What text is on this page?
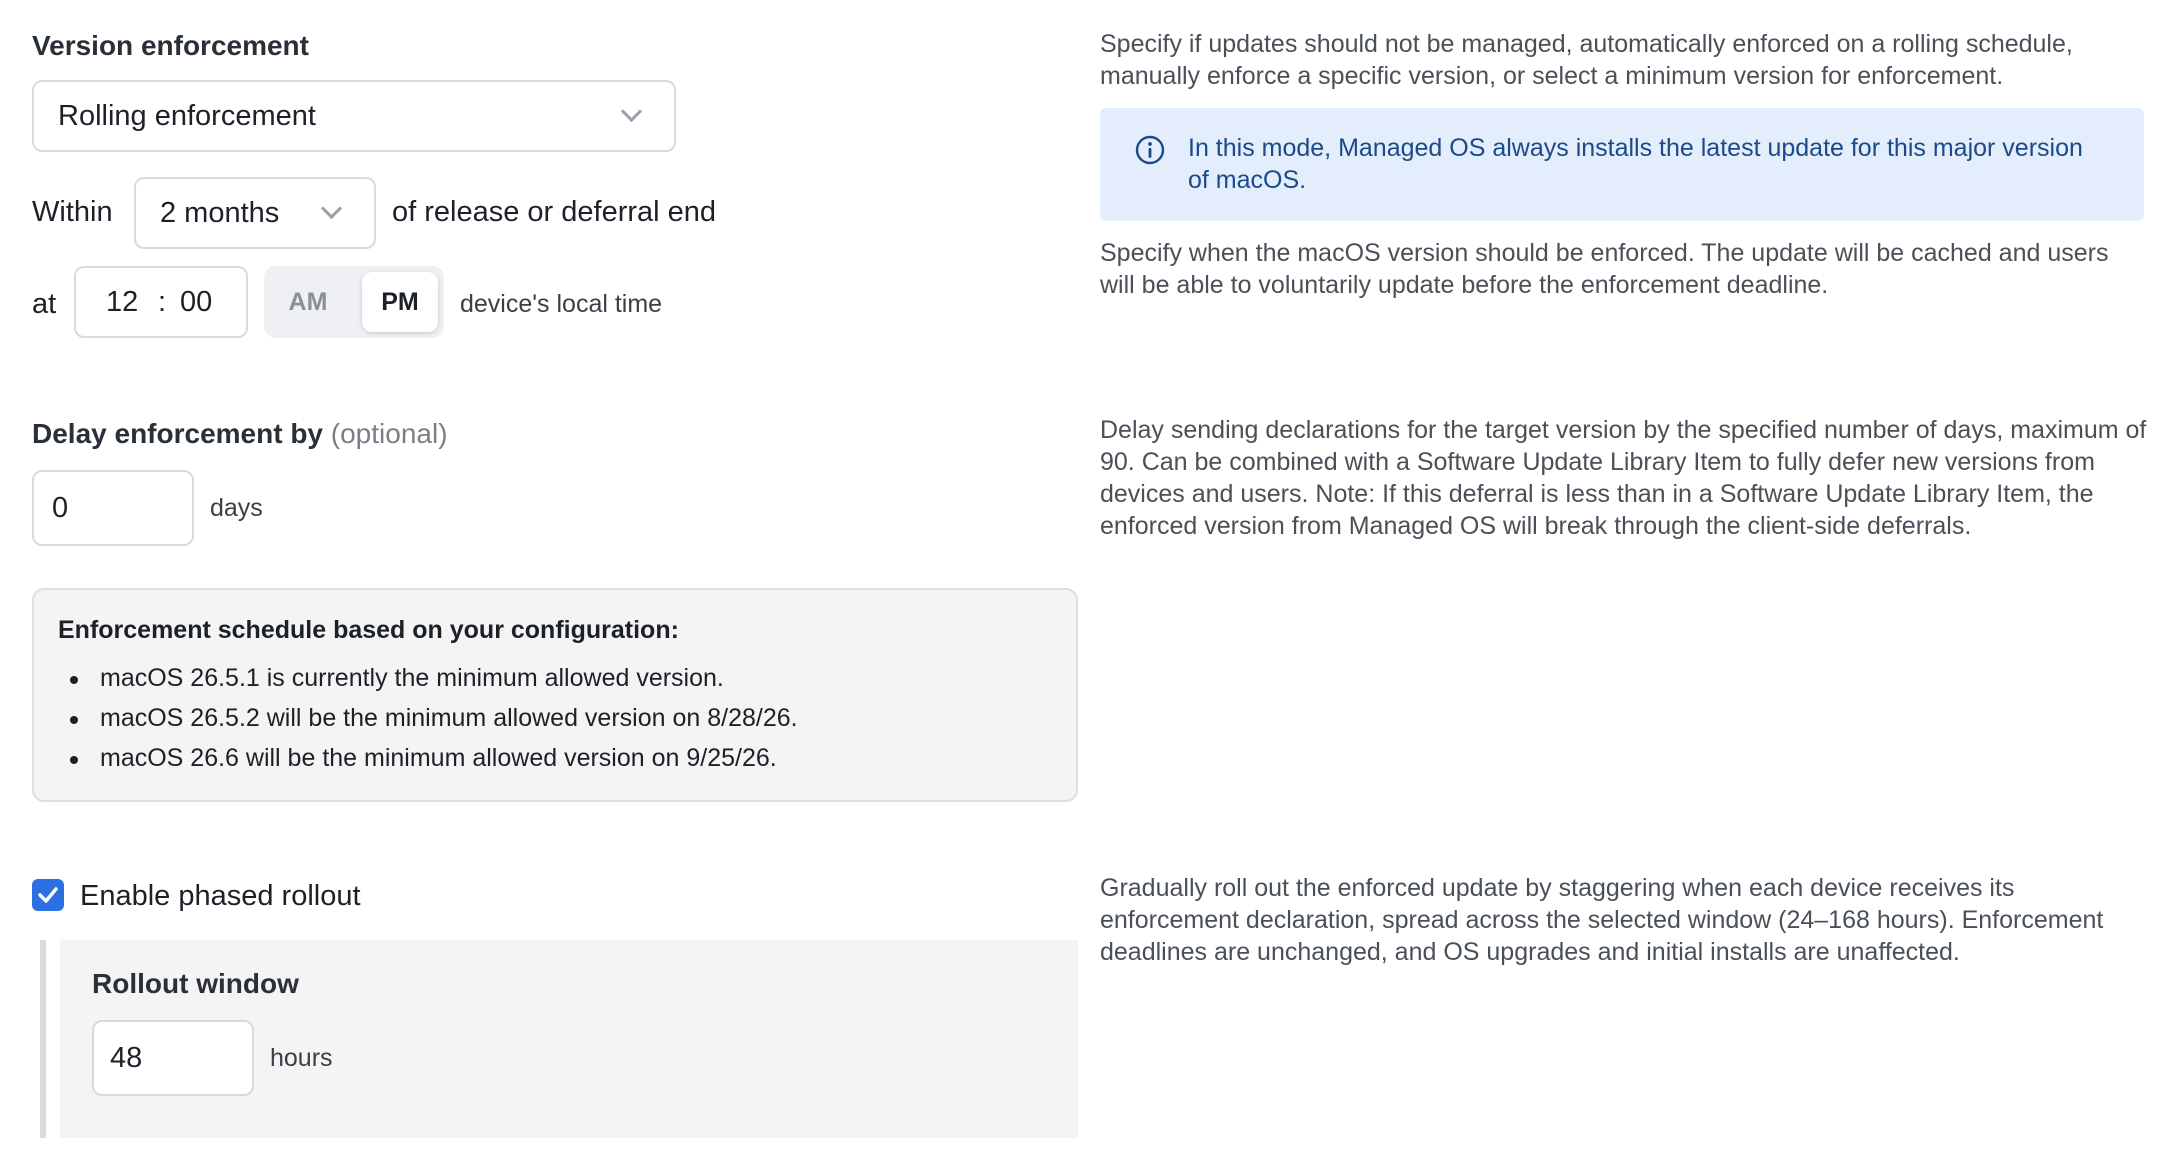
Version enforcement
Rolling enforcement
Within 2 months	of release or deferral end
at 12 : 00	AM	PM	device's local time
Delay enforcement by (optional)
0	days
Enforcement schedule based on your configuration:
macOS 26.5.1 is currently the minimum allowed version.
macOS 26.5.2 will be the minimum allowed version on 8/28/26.
macOS 26.6 will be the minimum allowed version on 9/25/26.
Enable phased rollout
Rollout window
48	hours
Specify if updates should not be managed, automatically enforced on a rolling schedule, manually enforce a specific version, or select a minimum version for enforcement.
In this mode, Managed OS always installs the latest update for this major version of macOS.
Specify when the macOS version should be enforced. The update will be cached and users will be able to voluntarily update before the enforcement deadline.
Delay sending declarations for the target version by the specified number of days, maximum of 90. Can be combined with a Software Update Library Item to fully defer new versions from devices and users. Note: If this deferral is less than in a Software Update Library Item, the enforced version from Managed OS will break through the client-side deferrals.
Gradually roll out the enforced update by staggering when each device receives its enforcement declaration, spread across the selected window (24–168 hours). Enforcement deadlines are unchanged, and OS upgrades and initial installs are unaffected.
